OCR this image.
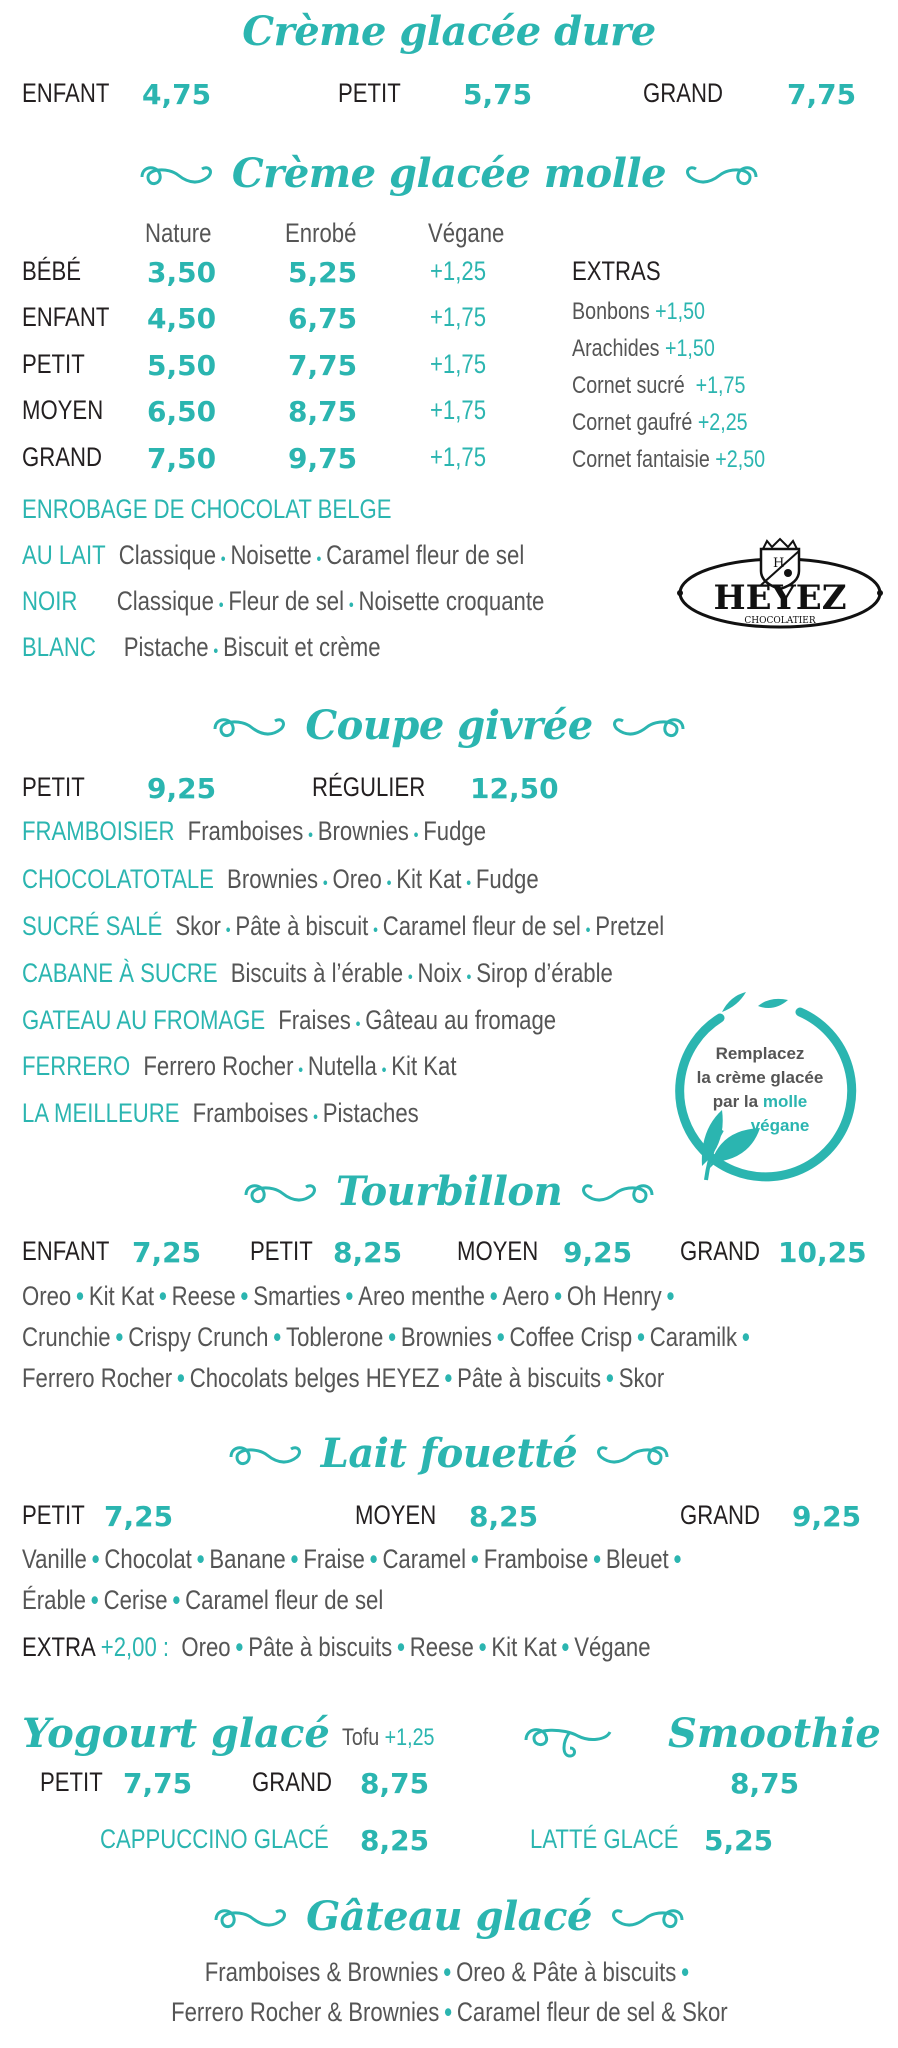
Crème glacée dure
ENFANT 4,75	PETIT 5,75	GRAND 7,75
Crème glacée molle
Nature	Enrobé	Végane
BÉBÉ 3,50	5,25	+1,25
ENFANT 4,50	6,75	+1,75
PETIT 5,50	7,75	+1,75
MOYEN 6,50	8,75	+1,75
GRAND 7,50	9,75	+1,75
EXTRAS
Bonbons +1,50
Arachides +1,50
Cornet sucré +1,75
Cornet gaufré +2,25
Cornet fantaisie +2,50
ENROBAGE DE CHOCOLAT BELGE
AU LAIT Classique • Noisette • Caramel fleur de sel
NOIR Classique • Fleur de sel • Noisette croquante
BLANC Pistache • Biscuit et crème
H
HEYEZ
CHOCOLATIER
Coupe givrée
PETIT 9,25	RÉGULIER 12,50
FRAMBOISIER Framboises • Brownies • Fudge
CHOCOLATOTALE Brownies • Oreo • Kit Kat • Fudge
SUCRÉ SALÉ Skor • Pâte à biscuit • Caramel fleur de sel • Pretzel
CABANE À SUCRE Biscuits à l’érable • Noix • Sirop d’érable
GATEAU AU FROMAGE Fraises • Gâteau au fromage
FERRERO Ferrero Rocher • Nutella • Kit Kat
LA MEILLEURE Framboises • Pistaches
Remplacez
la crème glacée
par la molle
végane
Tourbillon
ENFANT 7,25 PETIT 8,25 MOYEN 9,25 GRAND 10,25
Oreo • Kit Kat • Reese • Smarties • Areo menthe • Aero • Oh Henry •
Crunchie • Crispy Crunch • Toblerone • Brownies • Coffee Crisp • Caramilk •
Ferrero Rocher • Chocolats belges HEYEZ • Pâte à biscuits • Skor
Lait fouetté
PETIT 7,25	MOYEN 8,25	GRAND 9,25
Vanille • Chocolat • Banane • Fraise • Caramel • Framboise • Bleuet •
Érable • Cerise • Caramel fleur de sel
EXTRA +2,00 : Oreo • Pâte à biscuits • Reese • Kit Kat • Végane
Yogourt glacé Tofu +1,25	Smoothie
PETIT 7,75 GRAND 8,75	8,75
CAPPUCCINO GLACÉ 8,25	LATTÉ GLACÉ 5,25
Gâteau glacé
Framboises & Brownies • Oreo & Pâte à biscuits •
Ferrero Rocher & Brownies • Caramel fleur de sel & Skor
